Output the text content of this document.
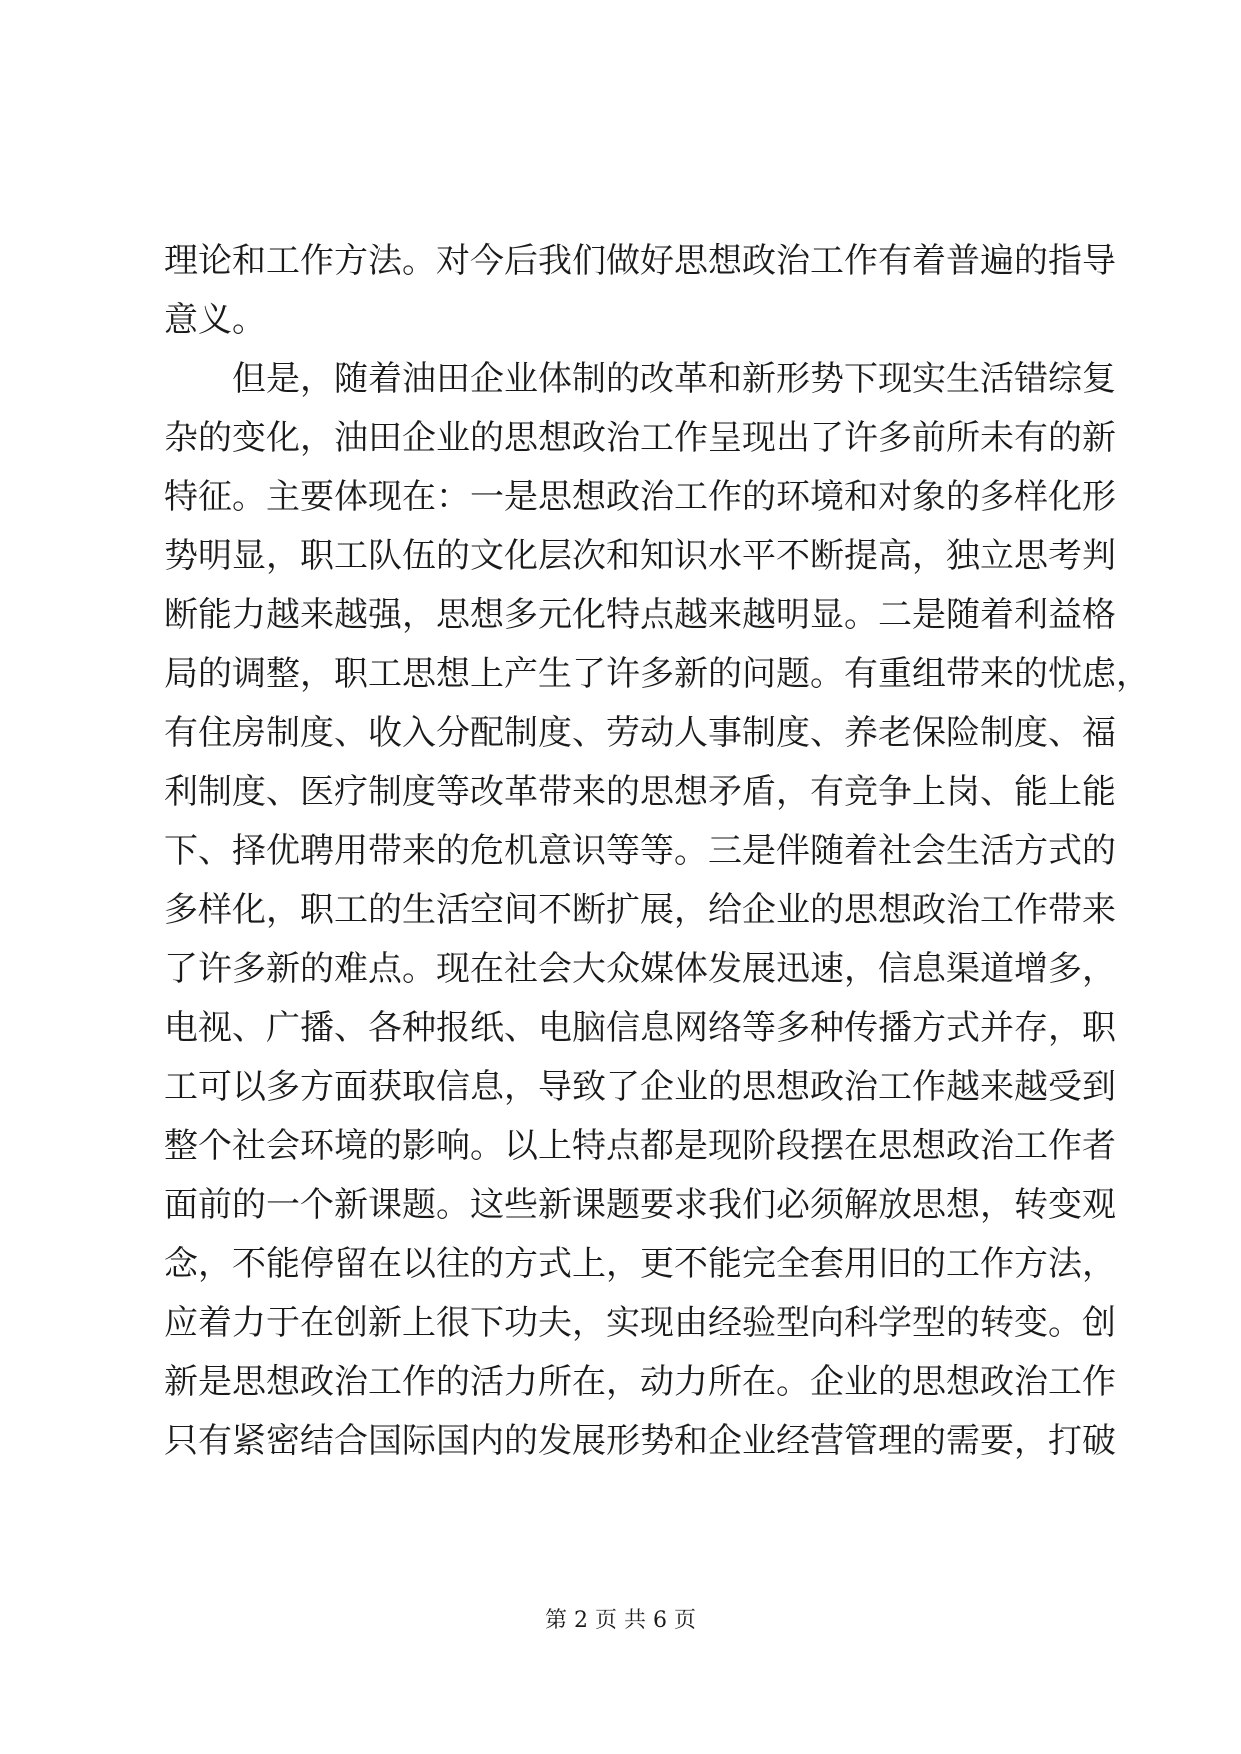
理论和工作方法。对今后我们做好思想政治工作有着普遍的指导
意义。
但是，随着油田企业体制的改革和新形势下现实生活错综复
杂的变化，油田企业的思想政治工作呈现出了许多前所未有的新
特征。主要体现在：一是思想政治工作的环境和对象的多样化形
势明显，职工队伍的文化层次和知识水平不断提高，独立思考判
断能力越来越强，思想多元化特点越来越明显。二是随着利益格
局的调整，职工思想上产生了许多新的问题。有重组带来的忧虑，
有住房制度、收入分配制度、劳动人事制度、养老保险制度、福
利制度、医疗制度等改革带来的思想矛盾，有竞争上岗、能上能
下、择优聘用带来的危机意识等等。三是伴随着社会生活方式的
多样化，职工的生活空间不断扩展，给企业的思想政治工作带来
了许多新的难点。现在社会大众媒体发展迅速，信息渠道增多，
电视、广播、各种报纸、电脑信息网络等多种传播方式并存，职
工可以多方面获取信息，导致了企业的思想政治工作越来越受到
整个社会环境的影响。以上特点都是现阶段摆在思想政治工作者
面前的一个新课题。这些新课题要求我们必须解放思想，转变观
念，不能停留在以往的方式上，更不能完全套用旧的工作方法，
应着力于在创新上很下功夫，实现由经验型向科学型的转变。创
新是思想政治工作的活力所在，动力所在。企业的思想政治工作
只有紧密结合国际国内的发展形势和企业经营管理的需要，打破
第 2 页 共 6 页
